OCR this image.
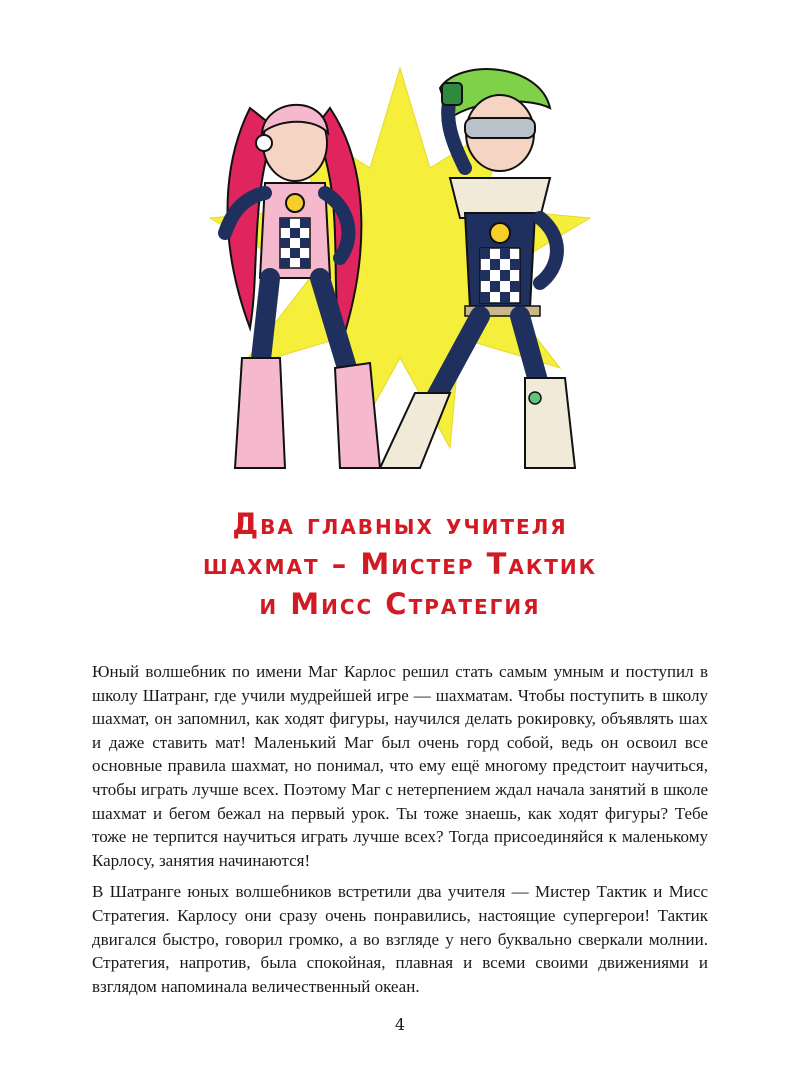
Два главных учителя
шахмат – Мистер Тактик
и Мисс Стратегия

Юный волшебник по имени Маг Карлос решил стать самым умным и поступил в школу Шатранг, где учили мудрейшей игре — шахматам. Чтобы поступить в школу шахмат, он запомнил, как ходят фигуры, научился делать рокировку, объявлять шах и даже ставить мат! Маленький Маг был очень горд собой, ведь он освоил все основные правила шахмат, но понимал, что ему ещё многому предстоит научиться, чтобы играть лучше всех. Поэтому Маг с нетерпением ждал начала занятий в школе шахмат и бегом бежал на первый урок. Ты тоже знаешь, как ходят фигуры? Тебе тоже не терпится научиться играть лучше всех? Тогда присоединяйся к маленькому Карлосу, занятия начинаются!

В Шатранге юных волшебников встретили два учителя — Мистер Тактик и Мисс Стратегия. Карлосу они сразу очень понравились, настоящие супергерои! Тактик двигался быстро, говорил громко, а во взгляде у него буквально сверкали молнии. Стратегия, напротив, была спокойная, плавная и всеми своими движениями и взглядом напоминала величественный океан.

4
